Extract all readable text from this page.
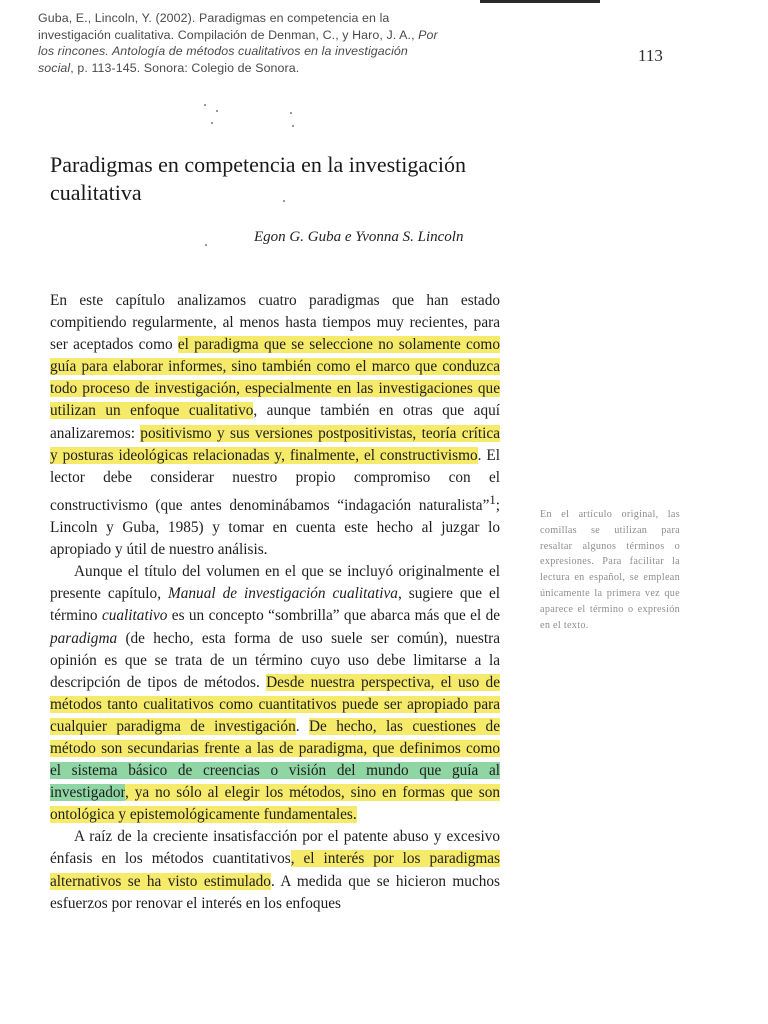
Guba, E., Lincoln, Y. (2002). Paradigmas en competencia en la investigación cualitativa. Compilación de Denman, C., y Haro, J. A., Por los rincones. Antología de métodos cualitativos en la investigación social, p. 113-145. Sonora: Colegio de Sonora.
113
Paradigmas en competencia en la investigación cualitativa
Egon G. Guba e Yvonna S. Lincoln

En este capítulo analizamos cuatro paradigmas que han estado compitiendo regularmente, al menos hasta tiempos muy recientes, para ser aceptados como el paradigma que se seleccione no solamente como guía para elaborar informes, sino también como el marco que conduzca todo proceso de investigación, especialmente en las investigaciones que utilizan un enfoque cualitativo, aunque también en otras que aquí analizaremos: positivismo y sus versiones postpositivistas, teoría crítica y posturas ideológicas relacionadas y, finalmente, el constructivismo. El lector debe considerar nuestro propio compromiso con el constructivismo (que antes denominábamos “indagación naturalista”$^1$; Lincoln y Guba, 1985) y tomar en cuenta este hecho al juzgar lo apropiado y útil de nuestro análisis.

Aunque el título del volumen en el que se incluyó originalmente el presente capítulo, Manual de investigación cualitativa, sugiere que el término cualitativo es un concepto “sombrilla” que abarca más que el de paradigma (de hecho, esta forma de uso suele ser común), nuestra opinión es que se trata de un término cuyo uso debe limitarse a la descripción de tipos de métodos. Desde nuestra perspectiva, el uso de métodos tanto cualitativos como cuantitativos puede ser apropiado para cualquier paradigma de investigación. De hecho, las cuestiones de método son secundarias frente a las de paradigma, que definimos como el sistema básico de creencias o visión del mundo que guía al investigador, ya no sólo al elegir los métodos, sino en formas que son ontológica y epistemológicamente fundamentales.

A raíz de la creciente insatisfacción por el patente abuso y excesivo énfasis en los métodos cuantitativos, el interés por los paradigmas alternativos se ha visto estimulado. A medida que se hicieron muchos esfuerzos por renovar el interés en los enfoques

En el artículo original, las comillas se utilizan para resaltar algunos términos o expresiones. Para facilitar la lectura en español, se emplean únicamente la primera vez que aparece el término o expresión en el texto.
